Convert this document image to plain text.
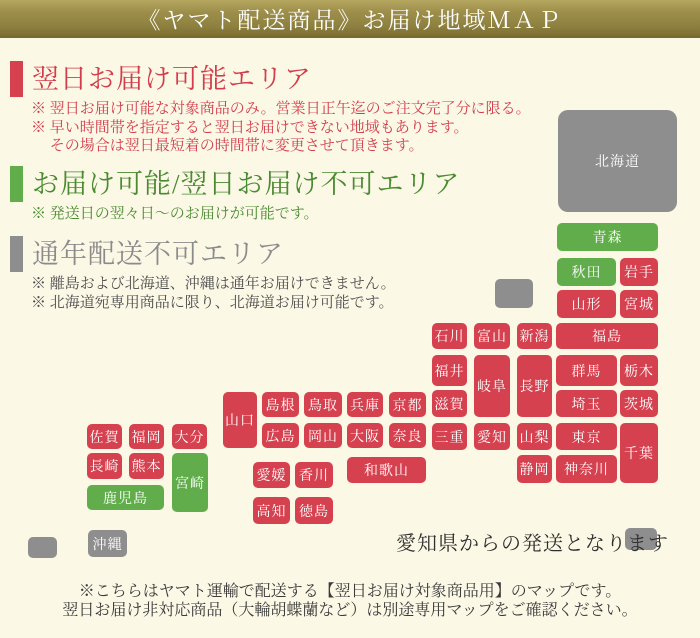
《ヤマト配送商品》お届け地域ＭＡＰ
翌日お届け可能エリア
※ 翌日お届け可能な対象商品のみ。営業日正午迄のご注文完了分に限る。
※ 早い時間帯を指定すると翌日お届けできない地域もあります。
　 その場合は翌日最短着の時間帯に変更させて頂きます。
お届け可能/翌日お届け不可エリア
※ 発送日の翌々日〜のお届けが可能です。
通年配送不可エリア
※ 離島および北海道、沖縄は通年お届けできません。
※ 北海道宛専用商品に限り、北海道お届け可能です。
北海道
青森
秋田	岩手
山形	宮城
石川 富山 新潟	福島
福井
岐阜 長野
群馬	栃木
滋賀	埼玉	茨城
山口
島根 鳥取 兵庫 京都
広島 岡山 大阪 奈良 三重 愛知 山梨	東京
千葉
佐賀 福岡 大分
長崎 熊本
宮崎
和歌山	静岡	神奈川
愛媛 香川
鹿児島
高知 徳島
沖縄	愛知県からの発送となります
※こちらはヤマト運輸で配送する【翌日お届け対象商品用】のマップです。
翌日お届け非対応商品（大輪胡蝶蘭など）は別途専用マップをご確認ください。
